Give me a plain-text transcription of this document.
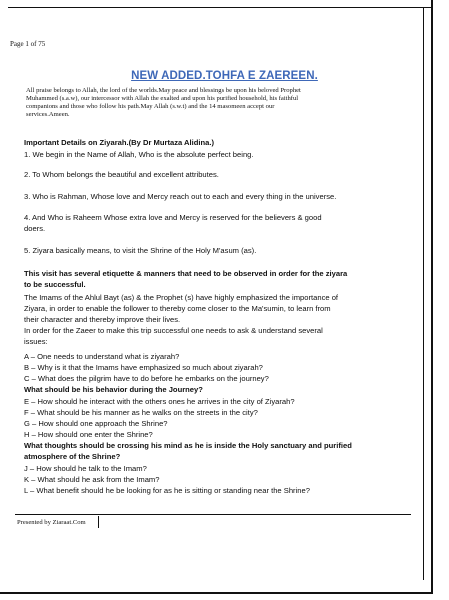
Page 1 of 75
NEW ADDED.TOHFA E ZAEREEN.
All praise belongs to Allah, the lord of the worlds.May peace and blessings be upon his beloved Prophet
Muhammed (s.a.w), our intercessor with Allah the exalted and upon his purified household, his faithful
companions and those who follow his path.May Allah (s.w.t) and the 14 masomeen accept our
services.Ameen.
Important Details on Ziyarah.(By Dr Murtaza Alidina.)
1. We begin in the Name of Allah, Who is the absolute perfect being.
2. To Whom belongs the beautiful and excellent attributes.
3. Who is Rahman, Whose love and Mercy reach out to each and every thing in the universe.
4. And Who is Raheem Whose extra love and Mercy is reserved for the believers & good
doers.
5. Ziyara basically means, to visit the Shrine of the Holy M'asum (as).
This visit has several etiquette & manners that need to be observed in order for the ziyara
to be successful.
The Imams of the Ahlul Bayt (as) & the Prophet (s) have highly emphasized the importance of
Ziyara, in order to enable the follower to thereby come closer to the Ma'sumin, to learn from
their character and thereby improve their lives.
In order for the Zaeer to make this trip successful one needs to ask & understand several
issues:
A – One needs to understand what is ziyarah?
B – Why is it that the Imams have emphasized so much about ziyarah?
C – What does the pilgrim have to do before he embarks on the journey?
What should be his behavior during the Journey?
E – How should he interact with the others ones he arrives in the city of Ziyarah?
F – What should be his manner as he walks on the streets in the city?
G – How should one approach the Shrine?
H – How should one enter the Shrine?
What thoughts should be crossing his mind as he is inside the Holy sanctuary and purified
atmosphere of the Shrine?
J – How should he talk to the Imam?
K – What should he ask from the Imam?
L – What benefit should he be looking for as he is sitting or standing near the Shrine?
Presented by Ziaraat.Com
